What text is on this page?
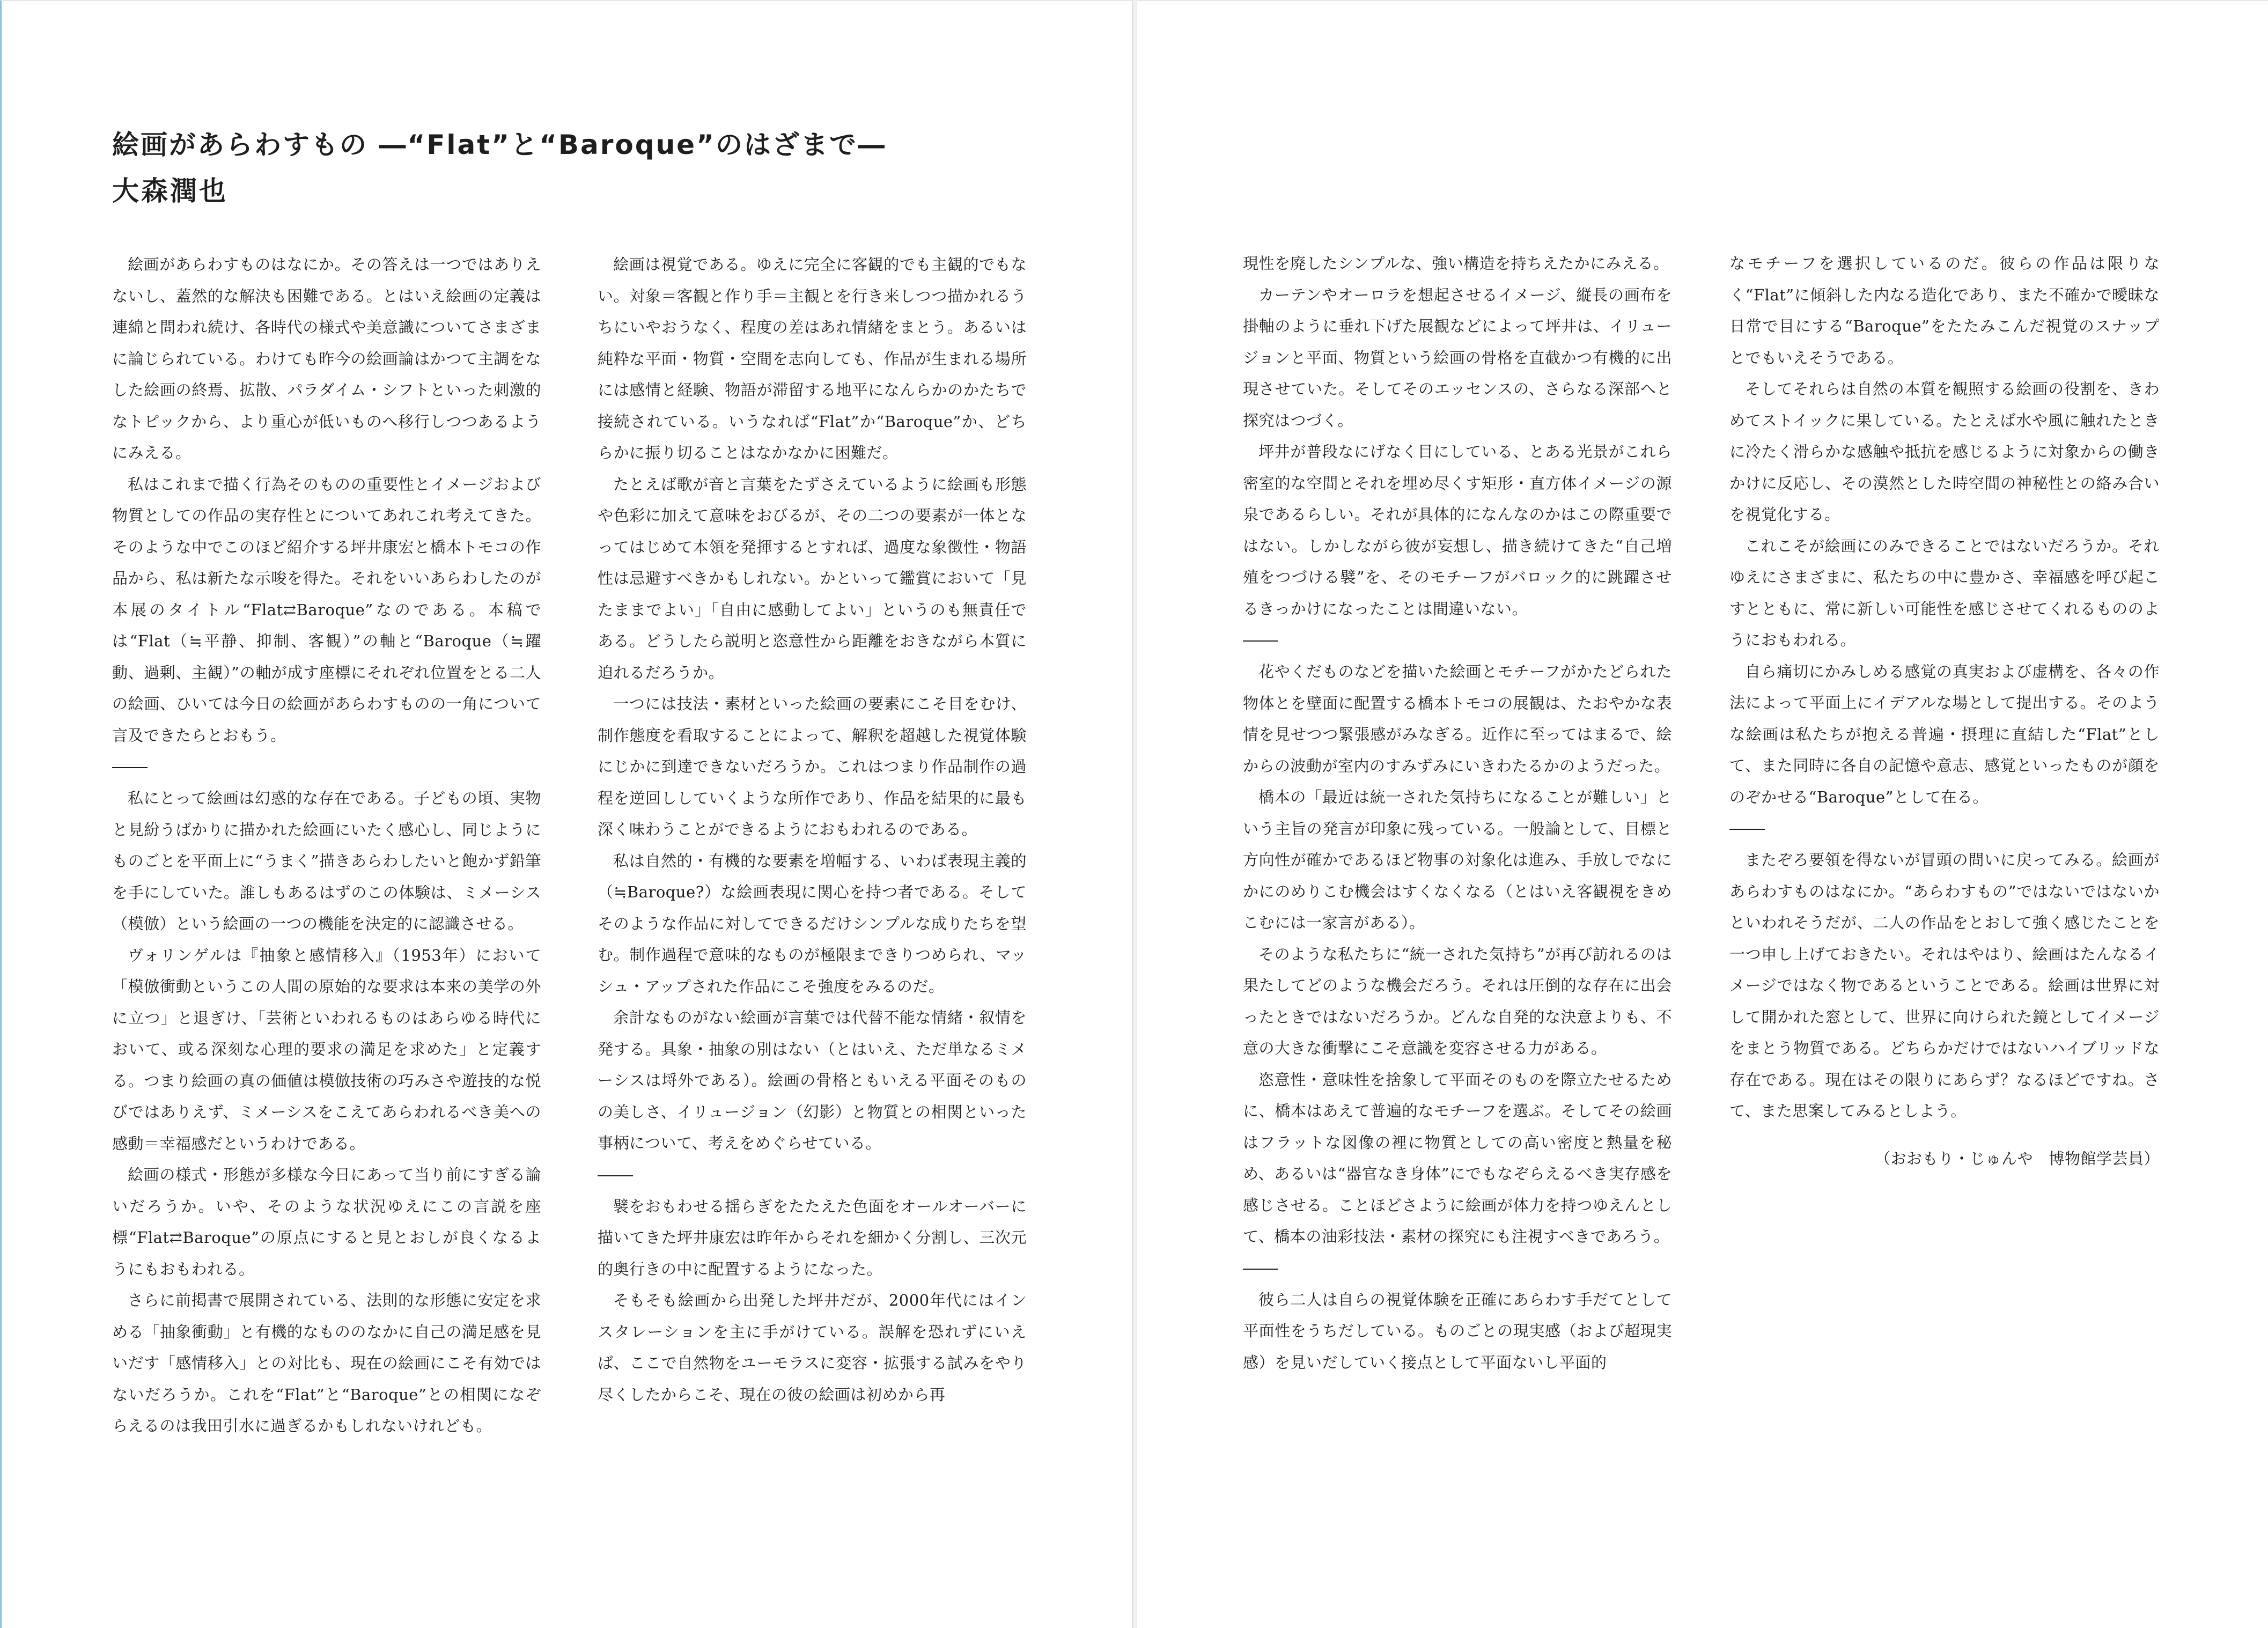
絵画があらわすもの ―“Flat”と“Baroque”のはざまで―
大森潤也

絵画があらわすものはなにか。その答えは一つではありえないし、蓋然的な解決も困難である。とはいえ絵画の定義は連綿と問われ続け、各時代の様式や美意識についてさまざまに論じられている。わけても昨今の絵画論はかつて主調をなした絵画の終焉、拡散、パラダイム・シフトといった刺激的なトピックから、より重心が低いものへ移行しつつあるようにみえる。

私はこれまで描く行為そのものの重要性とイメージおよび物質としての作品の実存性とについてあれこれ考えてきた。そのような中でこのほど紹介する坪井康宏と橋本トモコの作品から、私は新たな示唆を得た。それをいいあらわしたのが本展のタイトル“Flat⇄Baroque”なのである。本稿では“Flat（≒平静、抑制、客観）”の軸と“Baroque（≒躍動、過剰、主観）”の軸が成す座標にそれぞれ位置をとる二人の絵画、ひいては今日の絵画があらわすものの一角について言及できたらとおもう。

私にとって絵画は幻惑的な存在である。子どもの頃、実物と見紛うばかりに描かれた絵画にいたく感心し、同じようにものごとを平面上に“うまく”描きあらわしたいと飽かず鉛筆を手にしていた。誰しもあるはずのこの体験は、ミメーシス（模倣）という絵画の一つの機能を決定的に認識させる。

ヴォリンゲルは『抽象と感情移入』（1953年）において「模倣衝動というこの人間の原始的な要求は本来の美学の外に立つ」と退ぎけ、「芸術といわれるものはあらゆる時代において、或る深刻な心理的要求の満足を求めた」と定義する。つまり絵画の真の価値は模倣技術の巧みさや遊技的な悦びではありえず、ミメーシスをこえてあらわれるべき美への感動＝幸福感だというわけである。

絵画の様式・形態が多様な今日にあって当り前にすぎる論いだろうか。いや、そのような状況ゆえにこの言説を座標“Flat⇄Baroque”の原点にすると見とおしが良くなるようにもおもわれる。

さらに前掲書で展開されている、法則的な形態に安定を求める「抽象衝動」と有機的なもののなかに自己の満足感を見いだす「感情移入」との対比も、現在の絵画にこそ有効ではないだろうか。これを“Flat”と“Baroque”との相関になぞらえるのは我田引水に過ぎるかもしれないけれども。

絵画は視覚である。ゆえに完全に客観的でも主観的でもない。対象＝客観と作り手＝主観とを行き来しつつ描かれるうちにいやおうなく、程度の差はあれ情緒をまとう。あるいは純粋な平面・物質・空間を志向しても、作品が生まれる場所には感情と経験、物語が滞留する地平になんらかのかたちで接続されている。いうなれば“Flat”か“Baroque”か、どちらかに振り切ることはなかなかに困難だ。

たとえば歌が音と言葉をたずさえているように絵画も形態や色彩に加えて意味をおびるが、その二つの要素が一体となってはじめて本領を発揮するとすれば、過度な象徴性・物語性は忌避すべきかもしれない。かといって鑑賞において「見たままでよい」「自由に感動してよい」というのも無責任である。どうしたら説明と恣意性から距離をおきながら本質に迫れるだろうか。

一つには技法・素材といった絵画の要素にこそ目をむけ、制作態度を看取することによって、解釈を超越した視覚体験にじかに到達できないだろうか。これはつまり作品制作の過程を逆回ししていくような所作であり、作品を結果的に最も深く味わうことができるようにおもわれるのである。

私は自然的・有機的な要素を増幅する、いわば表現主義的（≒Baroque?）な絵画表現に関心を持つ者である。そしてそのような作品に対してできるだけシンプルな成りたちを望む。制作過程で意味的なものが極限まできりつめられ、マッシュ・アップされた作品にこそ強度をみるのだ。

余計なものがない絵画が言葉では代替不能な情緒・叙情を発する。具象・抽象の別はない（とはいえ、ただ単なるミメーシスは埒外である）。絵画の骨格ともいえる平面そのものの美しさ、イリュージョン（幻影）と物質との相関といった事柄について、考えをめぐらせている。

襞をおもわせる揺らぎをたたえた色面をオールオーバーに描いてきた坪井康宏は昨年からそれを細かく分割し、三次元的奥行きの中に配置するようになった。

そもそも絵画から出発した坪井だが、2000年代にはインスタレーションを主に手がけている。誤解を恐れずにいえば、ここで自然物をユーモラスに変容・拡張する試みをやり尽くしたからこそ、現在の彼の絵画は初めから再

現性を廃したシンプルな、強い構造を持ちえたかにみえる。

カーテンやオーロラを想起させるイメージ、縦長の画布を掛軸のように垂れ下げた展観などによって坪井は、イリュージョンと平面、物質という絵画の骨格を直截かつ有機的に出現させていた。そしてそのエッセンスの、さらなる深部へと探究はつづく。

坪井が普段なにげなく目にしている、とある光景がこれら密室的な空間とそれを埋め尽くす矩形・直方体イメージの源泉であるらしい。それが具体的になんなのかはこの際重要ではない。しかしながら彼が妄想し、描き続けてきた“自己増殖をつづける襞”を、そのモチーフがバロック的に跳躍させるきっかけになったことは間違いない。

花やくだものなどを描いた絵画とモチーフがかたどられた物体とを壁面に配置する橋本トモコの展観は、たおやかな表情を見せつつ緊張感がみなぎる。近作に至ってはまるで、絵からの波動が室内のすみずみにいきわたるかのようだった。

橋本の「最近は統一された気持ちになることが難しい」という主旨の発言が印象に残っている。一般論として、目標と方向性が確かであるほど物事の対象化は進み、手放しでなにかにのめりこむ機会はすくなくなる（とはいえ客観視をきめこむには一家言がある）。

そのような私たちに“統一された気持ち”が再び訪れるのは果たしてどのような機会だろう。それは圧倒的な存在に出会ったときではないだろうか。どんな自発的な決意よりも、不意の大きな衝撃にこそ意識を変容させる力がある。

恣意性・意味性を捨象して平面そのものを際立たせるために、橋本はあえて普遍的なモチーフを選ぶ。そしてその絵画はフラットな図像の裡に物質としての高い密度と熱量を秘め、あるいは“器官なき身体”にでもなぞらえるべき実存感を感じさせる。ことほどさように絵画が体力を持つゆえんとして、橋本の油彩技法・素材の探究にも注視すべきであろう。

彼ら二人は自らの視覚体験を正確にあらわす手だてとして平面性をうちだしている。ものごとの現実感（および超現実感）を見いだしていく接点として平面ないし平面的

なモチーフを選択しているのだ。彼らの作品は限りなく“Flat”に傾斜した内なる造化であり、また不確かで曖昧な日常で目にする“Baroque”をたたみこんだ視覚のスナップとでもいえそうである。

そしてそれらは自然の本質を観照する絵画の役割を、きわめてストイックに果している。たとえば水や風に触れたときに冷たく滑らかな感触や抵抗を感じるように対象からの働きかけに反応し、その漠然とした時空間の神秘性との絡み合いを視覚化する。

これこそが絵画にのみできることではないだろうか。それゆえにさまざまに、私たちの中に豊かさ、幸福感を呼び起こすとともに、常に新しい可能性を感じさせてくれるもののようにおもわれる。

自ら痛切にかみしめる感覚の真実および虚構を、各々の作法によって平面上にイデアルな場として提出する。そのような絵画は私たちが抱える普遍・摂理に直結した“Flat”として、また同時に各自の記憶や意志、感覚といったものが顔をのぞかせる“Baroque”として在る。

またぞろ要領を得ないが冒頭の問いに戻ってみる。絵画があらわすものはなにか。“あらわすもの”ではないではないかといわれそうだが、二人の作品をとおして強く感じたことを一つ申し上げておきたい。それはやはり、絵画はたんなるイメージではなく物であるということである。絵画は世界に対して開かれた窓として、世界に向けられた鏡としてイメージをまとう物質である。どちらかだけではないハイブリッドな存在である。現在はその限りにあらず？なるほどですね。さて、また思案してみるとしよう。

（おおもり・じゅんや　博物館学芸員）
